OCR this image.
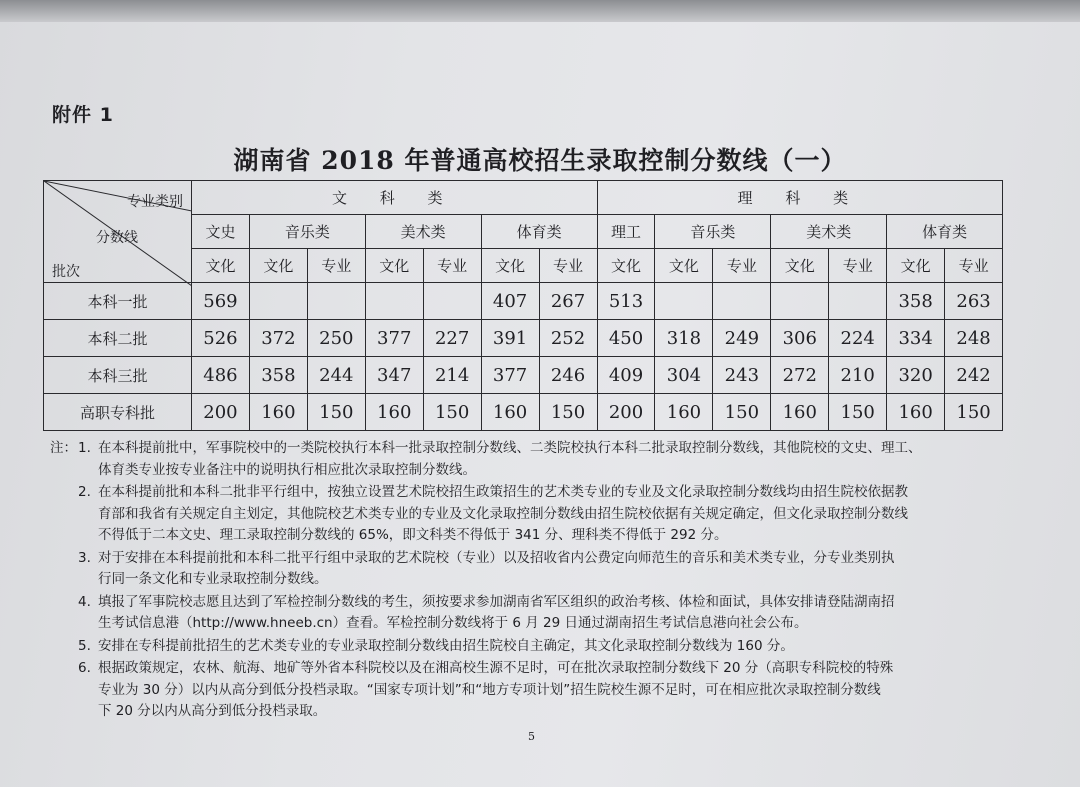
附件 1
湖南省 2018 年普通高校招生录取控制分数线（一）
专业类别
分数线
批次	文 科 类							理 科 类						
	文史	音乐类		美术类		体育类		理工	音乐类		美术类		体育类	
	文化	文化	专业	文化	专业	文化	专业	文化	文化	专业	文化	专业	文化	专业
本科一批	569					407	267	513					358	263
本科二批	526	372	250	377	227	391	252	450	318	249	306	224	334	248
本科三批	486	358	244	347	214	377	246	409	304	243	272	210	320	242
高职专科批	200	160	150	160	150	160	150	200	160	150	160	150	160	150
注： 1. 在本科提前批中，军事院校中的一类院校执行本科一批录取控制分数线、二类院校执行本科二批录取控制分数线，其他院校的文史、理工、
体育类专业按专业备注中的说明执行相应批次录取控制分数线。
2. 在本科提前批和本科二批非平行组中，按独立设置艺术院校招生政策招生的艺术类专业的专业及文化录取控制分数线均由招生院校依据教
育部和我省有关规定自主划定，其他院校艺术类专业的专业及文化录取控制分数线由招生院校依据有关规定确定，但文化录取控制分数线
不得低于二本文史、理工录取控制分数线的 65%，即文科类不得低于 341 分、理科类不得低于 292 分。
3. 对于安排在本科提前批和本科二批平行组中录取的艺术院校（专业）以及招收省内公费定向师范生的音乐和美术类专业，分专业类别执
行同一条文化和专业录取控制分数线。
4. 填报了军事院校志愿且达到了军检控制分数线的考生，须按要求参加湖南省军区组织的政治考核、体检和面试，具体安排请登陆湖南招
生考试信息港（http://www.hneeb.cn）查看。军检控制分数线将于 6 月 29 日通过湖南招生考试信息港向社会公布。
5. 安排在专科提前批招生的艺术类专业的专业录取控制分数线由招生院校自主确定，其文化录取控制分数线为 160 分。
6. 根据政策规定，农林、航海、地矿等外省本科院校以及在湘高校生源不足时，可在批次录取控制分数线下 20 分（高职专科院校的特殊
专业为 30 分）以内从高分到低分投档录取。“国家专项计划”和“地方专项计划”招生院校生源不足时，可在相应批次录取控制分数线
下 20 分以内从高分到低分投档录取。
5
